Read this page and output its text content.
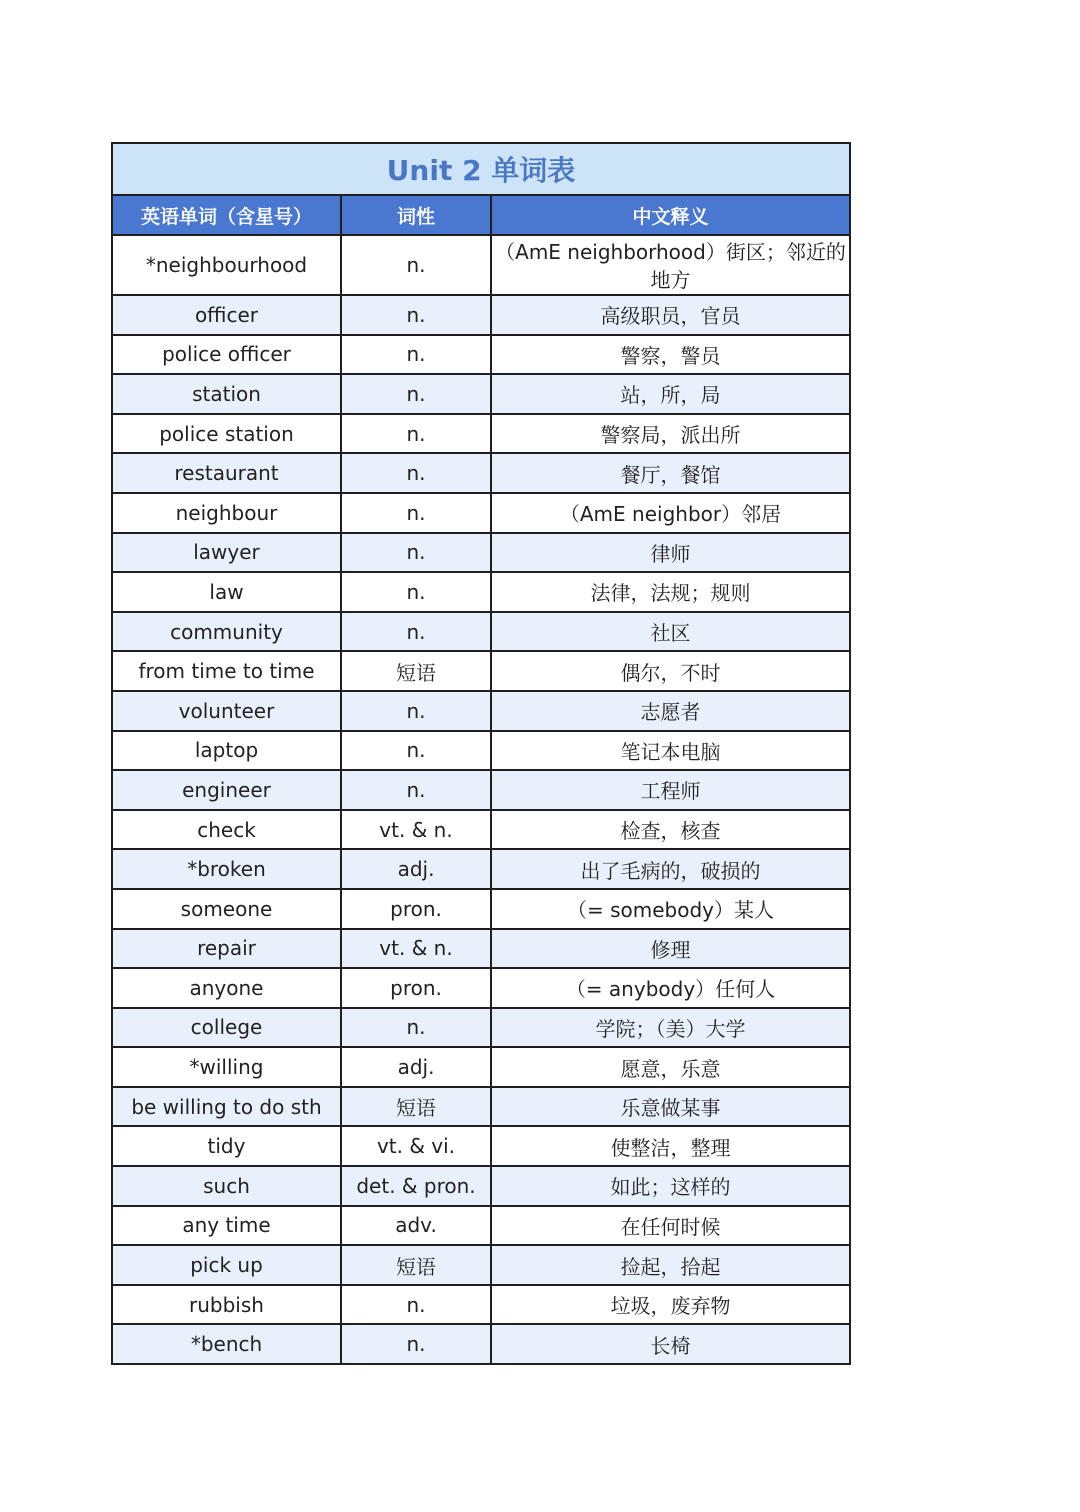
Unit 2 单词表
英语单词（含星号）	词性	中文释义
*neighbourhood	n.	（AmE neighborhood）街区；邻近的地方
officer	n.	高级职员，官员
police officer	n.	警察，警员
station	n.	站，所，局
police station	n.	警察局，派出所
restaurant	n.	餐厅，餐馆
neighbour	n.	（AmE neighbor）邻居
lawyer	n.	律师
law	n.	法律，法规；规则
community	n.	社区
from time to time	短语	偶尔，不时
volunteer	n.	志愿者
laptop	n.	笔记本电脑
engineer	n.	工程师
check	vt. & n.	检查，核查
*broken	adj.	出了毛病的，破损的
someone	pron.	（= somebody）某人
repair	vt. & n.	修理
anyone	pron.	（= anybody）任何人
college	n.	学院；（美）大学
*willing	adj.	愿意，乐意
be willing to do sth	短语	乐意做某事
tidy	vt. & vi.	使整洁，整理
such	det. & pron.	如此；这样的
any time	adv.	在任何时候
pick up	短语	捡起，拾起
rubbish	n.	垃圾，废弃物
*bench	n.	长椅
